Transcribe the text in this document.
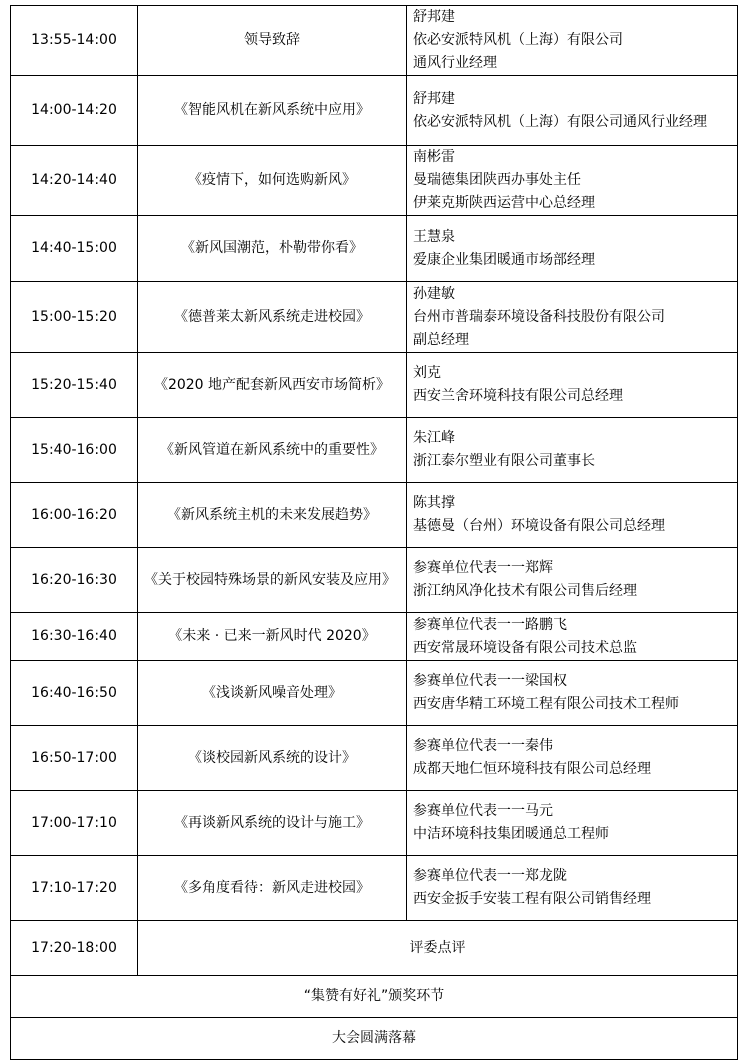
13:55-14:00	领导致辞	舒邦建
依必安派特风机（上海）有限公司
通风行业经理

14:00-14:20	《智能风机在新风系统中应用》	舒邦建
依必安派特风机（上海）有限公司通风行业经理

14:20-14:40	《疫情下，如何选购新风》	南彬雷
曼瑞德集团陕西办事处主任
伊莱克斯陕西运营中心总经理

14:40-15:00	《新风国潮范，朴勒带你看》	王慧泉
爱康企业集团暖通市场部经理

15:00-15:20	《德普莱太新风系统走进校园》	孙建敏
台州市普瑞泰环境设备科技股份有限公司
副总经理

15:20-15:40	《2020 地产配套新风西安市场简析》	刘克
西安兰舍环境科技有限公司总经理

15:40-16:00	《新风管道在新风系统中的重要性》	朱江峰
浙江泰尔塑业有限公司董事长

16:00-16:20	《新风系统主机的未来发展趋势》	陈其撑
基德曼（台州）环境设备有限公司总经理

16:20-16:30	《关于校园特殊场景的新风安装及应用》	参赛单位代表一一郑辉
浙江纳风净化技术有限公司售后经理

16:30-16:40	《未来 · 已来一新风时代 2020》	参赛单位代表一一路鹏飞
西安常晟环境设备有限公司技术总监

16:40-16:50	《浅谈新风噪音处理》	参赛单位代表一一梁国权
西安唐华精工环境工程有限公司技术工程师

16:50-17:00	《谈校园新风系统的设计》	参赛单位代表一一秦伟
成都天地仁恒环境科技有限公司总经理

17:00-17:10	《再谈新风系统的设计与施工》	参赛单位代表一一马元
中洁环境科技集团暖通总工程师

17:10-17:20	《多角度看待：新风走进校园》	参赛单位代表一一郑龙陇
西安金扳手安装工程有限公司销售经理

17:20-18:00	评委点评	
“集赞有好礼”颁奖环节		
大会圆满落幕		
